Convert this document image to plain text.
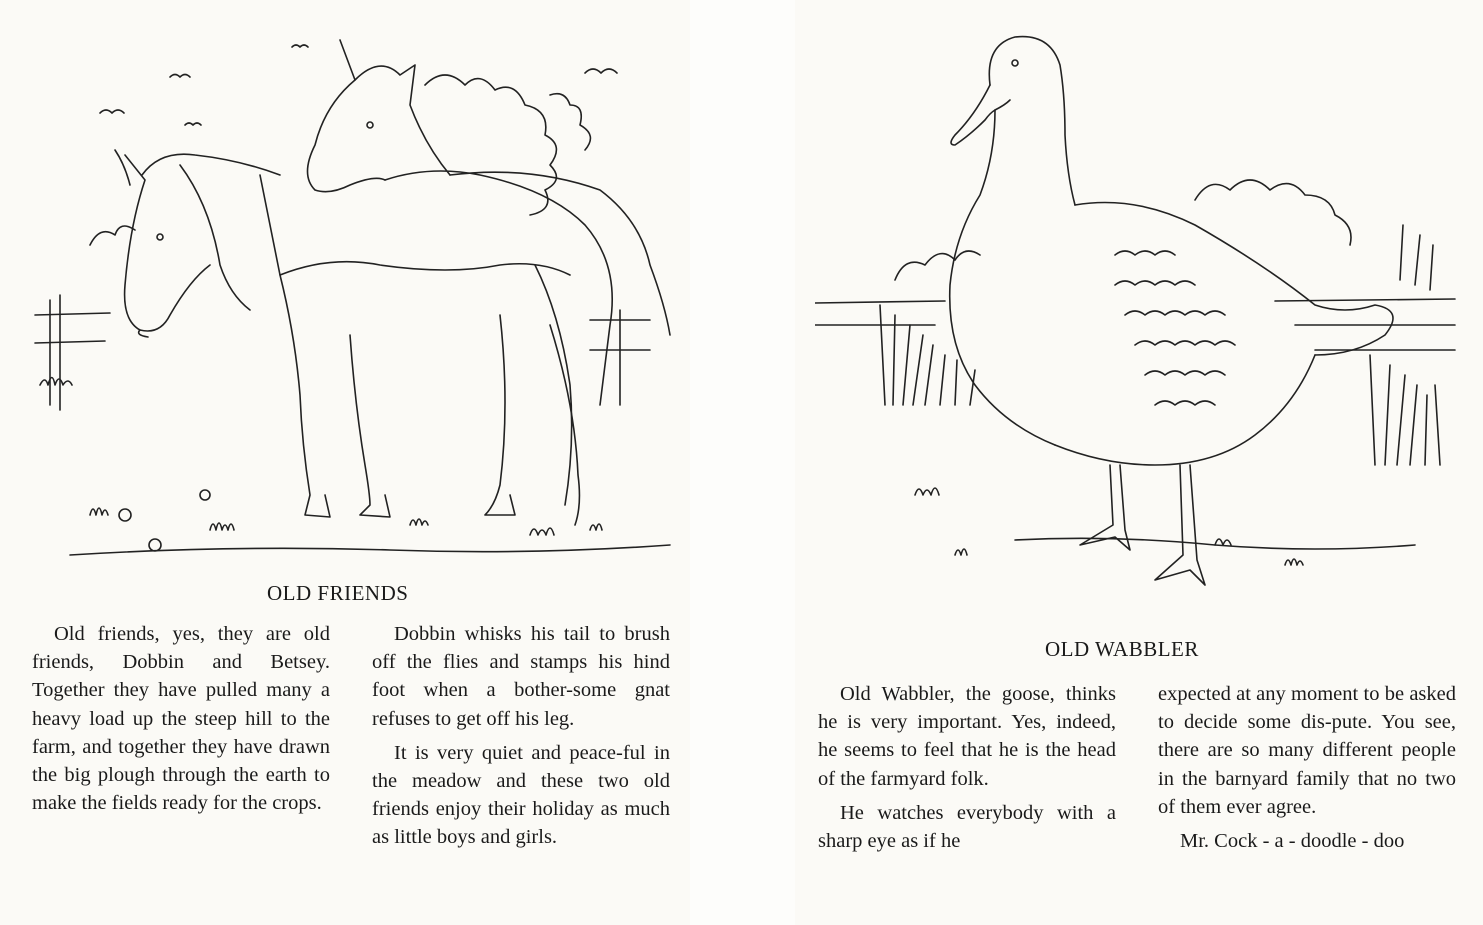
OLD FRIENDS

Old friends, yes, they are old friends, Dobbin and Betsey. Together they have pulled many a heavy load up the steep hill to the farm, and together they have drawn the big plough through the earth to make the fields ready for the crops.

Dobbin whisks his tail to brush off the flies and stamps his hind foot when a bother-some gnat refuses to get off his leg.

It is very quiet and peace-ful in the meadow and these two old friends enjoy their holiday as much as little boys and girls.

OLD WABBLER

Old Wabbler, the goose, thinks he is very important. Yes, indeed, he seems to feel that he is the head of the farmyard folk.

He watches everybody with a sharp eye as if he

expected at any moment to be asked to decide some dis-pute. You see, there are so many different people in the barnyard family that no two of them ever agree.

Mr. Cock - a - doodle - doo
